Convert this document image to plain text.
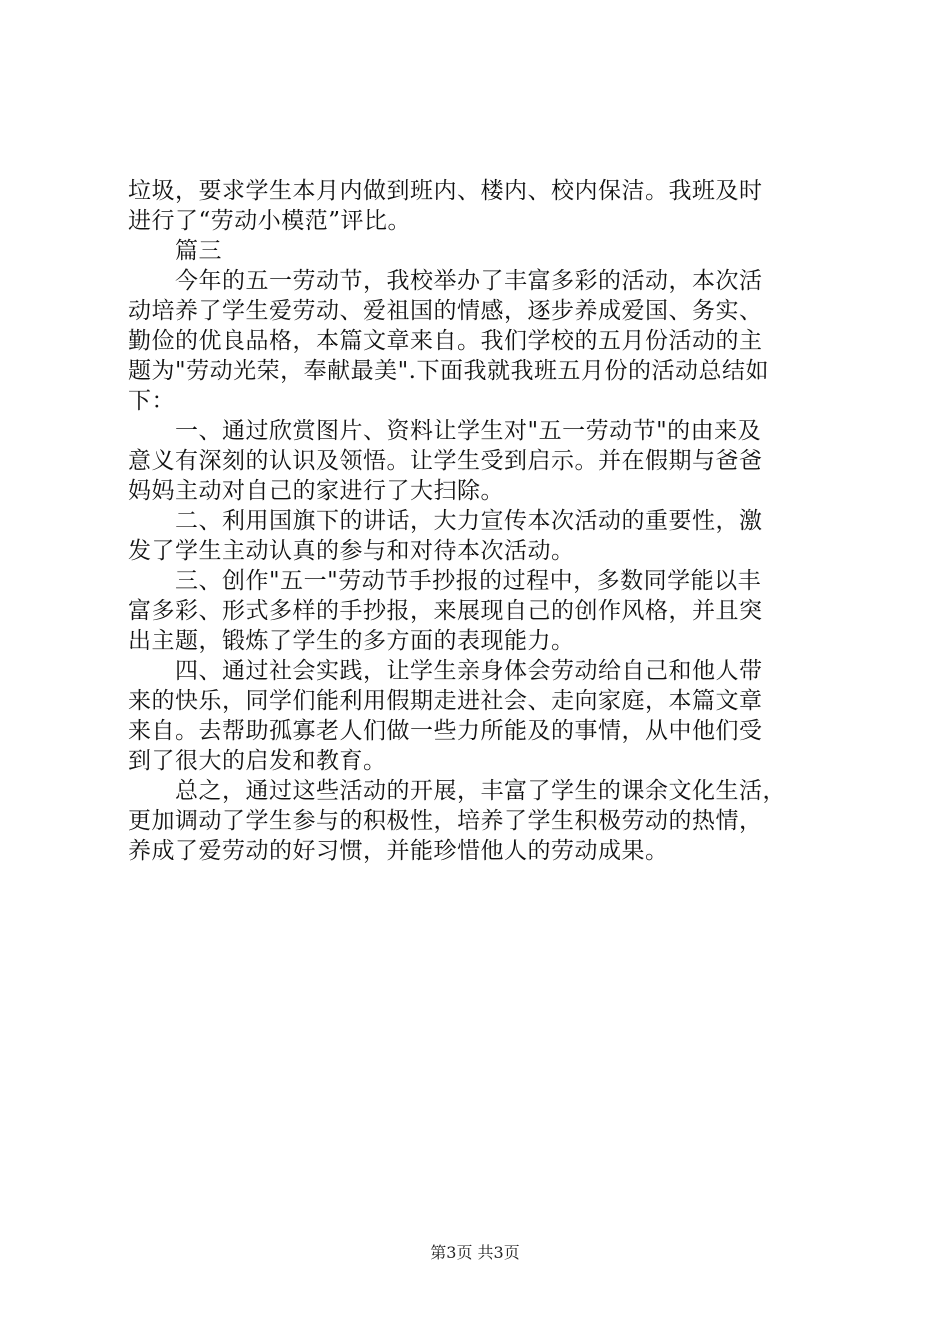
垃圾，要求学生本月内做到班内、楼内、校内保洁。我班及时
进行了“劳动小模范”评比。
篇三
今年的五一劳动节，我校举办了丰富多彩的活动，本次活
动培养了学生爱劳动、爱祖国的情感，逐步养成爱国、务实、
勤俭的优良品格，本篇文章来自。我们学校的五月份活动的主
题为"劳动光荣，奉献最美".下面我就我班五月份的活动总结如
下：
一、通过欣赏图片、资料让学生对"五一劳动节"的由来及
意义有深刻的认识及领悟。让学生受到启示。并在假期与爸爸
妈妈主动对自己的家进行了大扫除。
二、利用国旗下的讲话，大力宣传本次活动的重要性，激
发了学生主动认真的参与和对待本次活动。
三、创作"五一"劳动节手抄报的过程中，多数同学能以丰
富多彩、形式多样的手抄报，来展现自己的创作风格，并且突
出主题，锻炼了学生的多方面的表现能力。
四、通过社会实践，让学生亲身体会劳动给自己和他人带
来的快乐，同学们能利用假期走进社会、走向家庭，本篇文章
来自。去帮助孤寡老人们做一些力所能及的事情，从中他们受
到了很大的启发和教育。
总之，通过这些活动的开展，丰富了学生的课余文化生活，
更加调动了学生参与的积极性，培养了学生积极劳动的热情，
养成了爱劳动的好习惯，并能珍惜他人的劳动成果。
第3页 共3页
